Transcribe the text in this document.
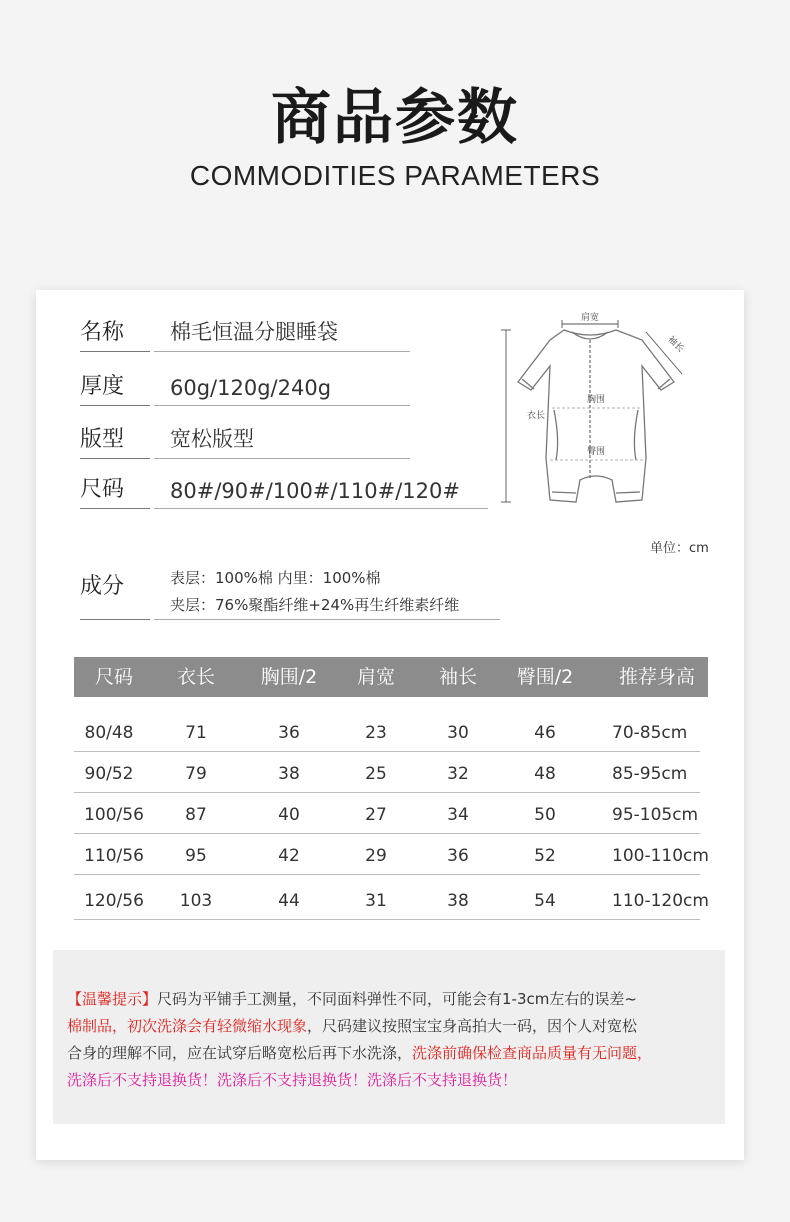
商品参数
COMMODITIES PARAMETERS
名称 棉毛恒温分腿睡袋
厚度 60g/120g/240g
版型 宽松版型
尺码 80#/90#/100#/110#/120#
肩宽
袖长
衣长
胸围
臀围
单位：cm
成分	表层：100%棉 内里：100%棉
夹层：76%聚酯纤维+24%再生纤维素纤维
尺码	衣长	胸围/2	肩宽	袖长	臀围/2	推荐身高
80/48	71	36	23	30	46	70-85cm
90/52	79	38	25	32	48	85-95cm
100/56	87	40	27	34	50	95-105cm
110/56	95	42	29	36	52	100-110cm
120/56	103	44	31	38	54	110-120cm
【温馨提示】尺码为平铺手工测量，不同面料弹性不同，可能会有1-3cm左右的误差~
棉制品，初次洗涤会有轻微缩水现象，尺码建议按照宝宝身高拍大一码，因个人对宽松
合身的理解不同，应在试穿后略宽松后再下水洗涤，洗涤前确保检查商品质量有无问题，
洗涤后不支持退换货！洗涤后不支持退换货！洗涤后不支持退换货！
